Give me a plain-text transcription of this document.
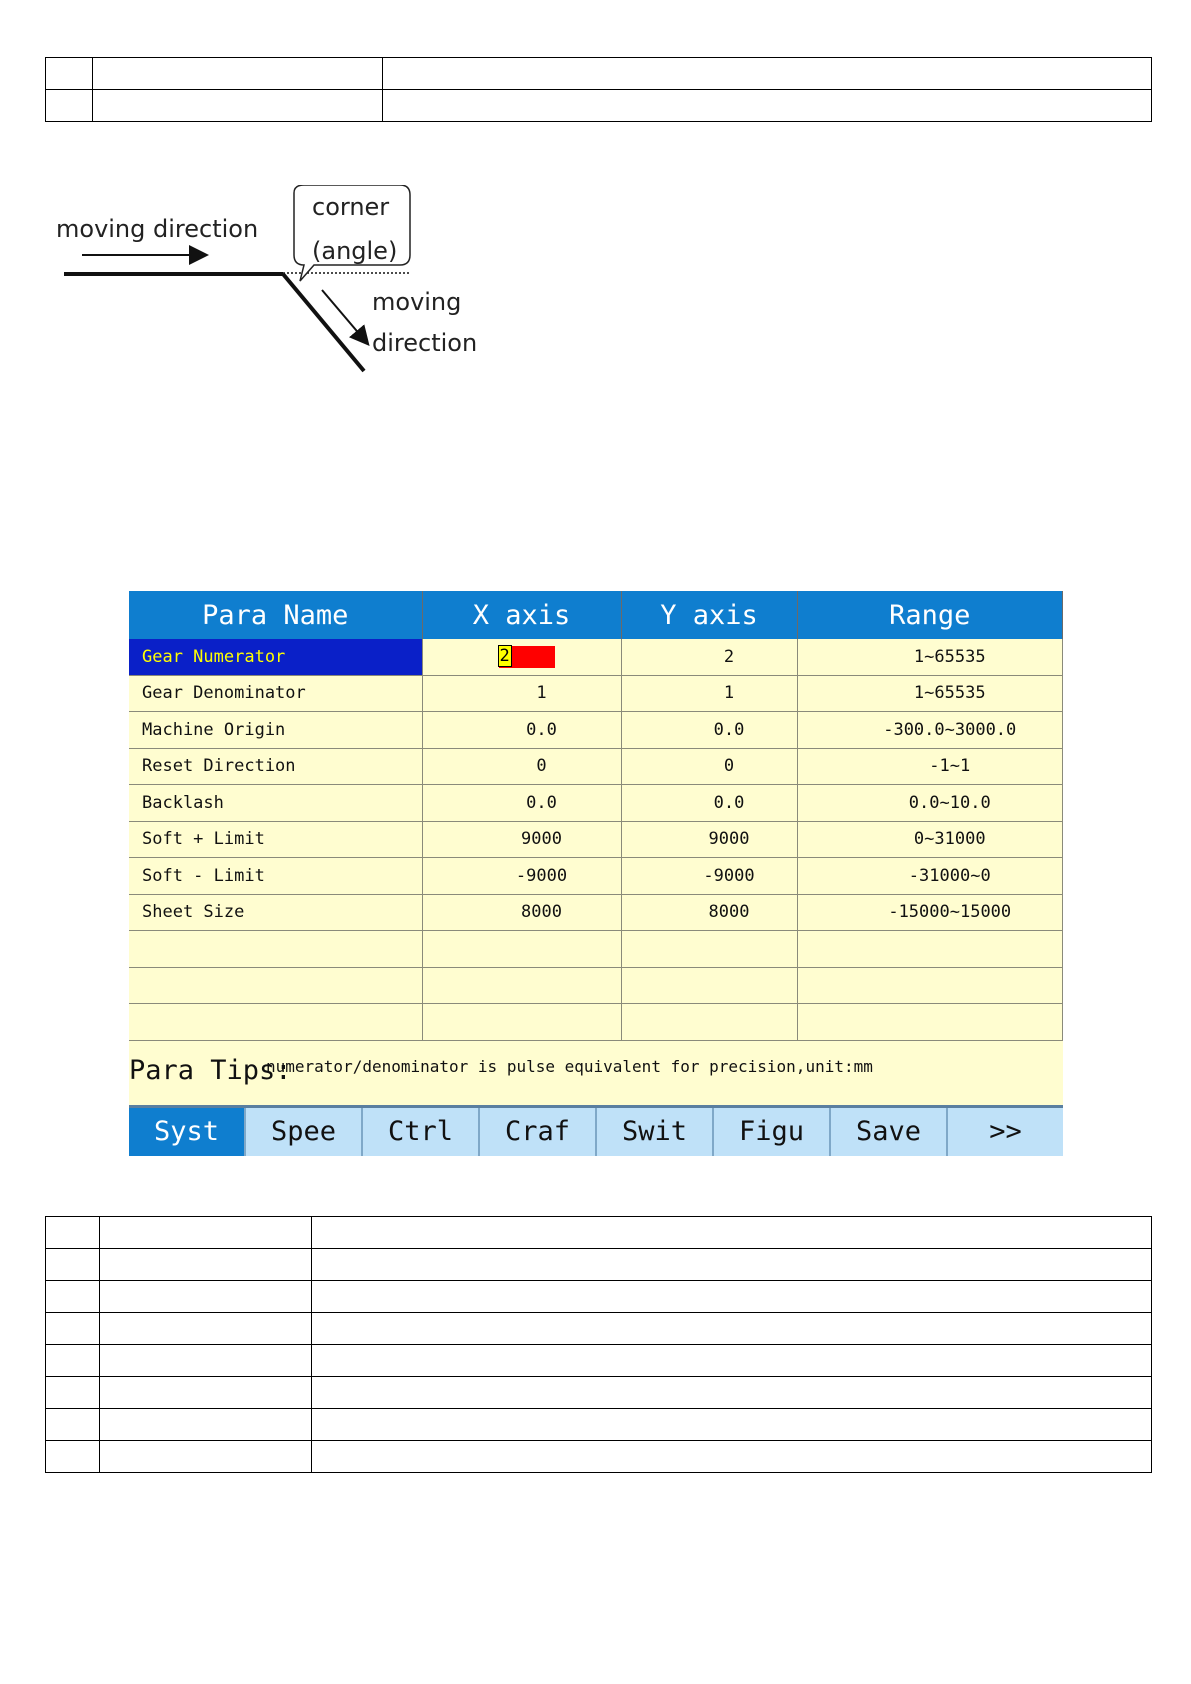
moving direction
corner
(angle)
moving
direction
Para Name	X axis	Y axis	Range
Gear Numerator	2	2	1~65535
Gear Denominator	1	1	1~65535
Machine Origin	0.0	0.0	-300.0~3000.0
Reset Direction	0	0	-1~1
Backlash	0.0	0.0	0.0~10.0
Soft + Limit	9000	9000	0~31000
Soft - Limit	-9000	-9000	-31000~0
Sheet Size	8000	8000	-15000~15000

Para Tips:
numerator/denominator is pulse equivalent for precision,unit:mm
Syst	Spee	Ctrl	Craf	Swit	Figu	Save	>>
